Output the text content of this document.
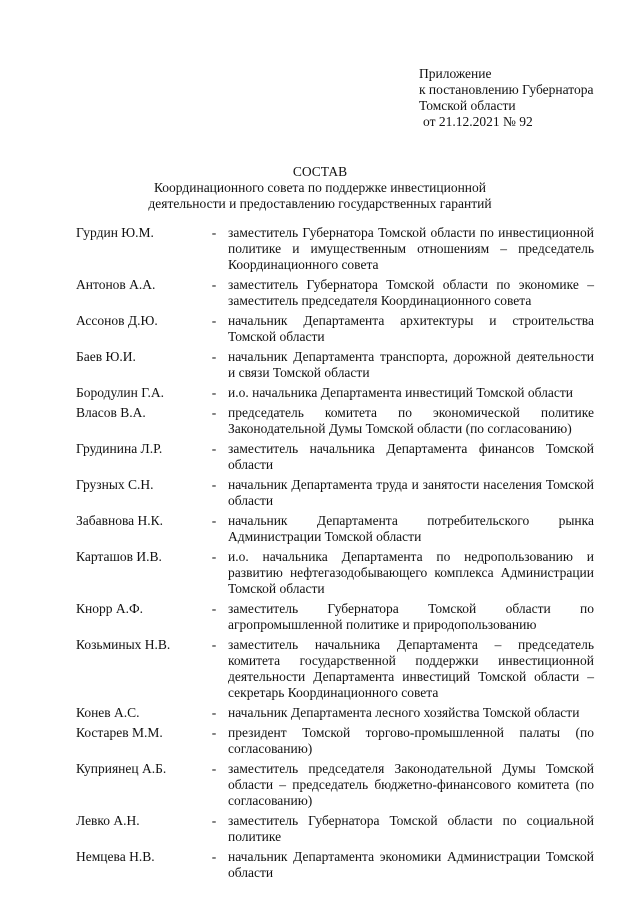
Приложение
к постановлению Губернатора
Томской области
от 21.12.2021 № 92
СОСТАВ
Координационного совета по поддержке инвестиционной
деятельности и предоставлению государственных гарантий
Гурдин Ю.М.	- заместитель Губернатора Томской области по инвестиционной политике и имущественным отношениям – председатель Координационного совета
Антонов А.А.	- заместитель Губернатора Томской области по экономике – заместитель председателя Координационного совета
Ассонов Д.Ю.	- начальник Департамента архитектуры и строительства Томской области
Баев Ю.И.	- начальник Департамента транспорта, дорожной деятельности и связи Томской области
Бородулин Г.А.	- и.о. начальника Департамента инвестиций Томской области
Власов В.А.	- председатель комитета по экономической политике Законодательной Думы Томской области (по согласованию)
Грудинина Л.Р.	- заместитель начальника Департамента финансов Томской области
Грузных С.Н.	- начальник Департамента труда и занятости населения Томской области
Забавнова Н.К.	- начальник Департамента потребительского рынка Администрации Томской области
Карташов И.В.	- и.о. начальника Департамента по недропользованию и развитию нефтегазодобывающего комплекса Администрации Томской области
Кнорр А.Ф.	- заместитель Губернатора Томской области по агропромышленной политике и природопользованию
Козьминых Н.В.	- заместитель начальника Департамента – председатель комитета государственной поддержки инвестиционной деятельности Департамента инвестиций Томской области – секретарь Координационного совета
Конев А.С.	- начальник Департамента лесного хозяйства Томской области
Костарев М.М.	- президент Томской торгово-промышленной палаты (по согласованию)
Куприянец А.Б.	- заместитель председателя Законодательной Думы Томской области – председатель бюджетно-финансового комитета (по согласованию)
Левко А.Н.	- заместитель Губернатора Томской области по социальной политике
Немцева Н.В.	- начальник Департамента экономики Администрации Томской области
